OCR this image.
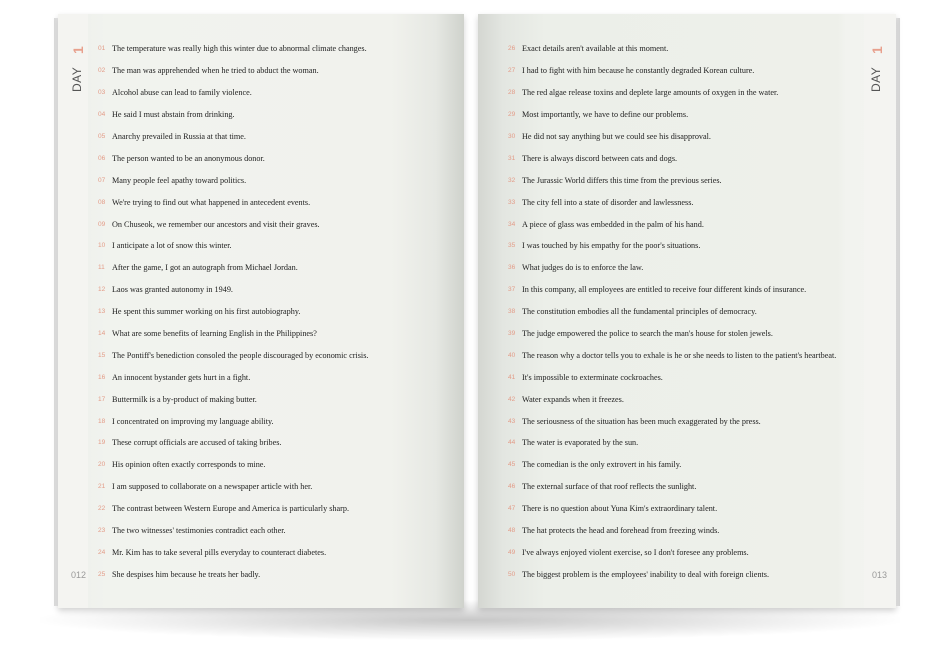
DAY
1 01 The temperature was really high this winter due to abnormal climate changes.
02 The man was apprehended when he tried to abduct the woman.
03 Alcohol abuse can lead to family violence.
04 He said I must abstain from drinking.
05 Anarchy prevailed in Russia at that time.
06 The person wanted to be an anonymous donor.
07 Many people feel apathy toward politics.
08 We're trying to find out what happened in antecedent events.
09 On Chuseok, we remember our ancestors and visit their graves.
10 I anticipate a lot of snow this winter.
11 After the game, I got an autograph from Michael Jordan.
12 Laos was granted autonomy in 1949.
13 He spent this summer working on his first autobiography.
14 What are some benefits of learning English in the Philippines?
15 The Pontiff's benediction consoled the people discouraged by economic crisis.
16 An innocent bystander gets hurt in a fight.
17 Buttermilk is a by-product of making butter.
18 I concentrated on improving my language ability.
19 These corrupt officials are accused of taking bribes.
20 His opinion often exactly corresponds to mine.
21 I am supposed to collaborate on a newspaper article with her.
22 The contrast between Western Europe and America is particularly sharp.
23 The two witnesses' testimonies contradict each other.
24 Mr. Kim has to take several pills everyday to counteract diabetes.
25 She despises him because he treats her badly.
012
26 Exact details aren't available at this moment.
27 I had to fight with him because he constantly degraded Korean culture.
28 The red algae release toxins and deplete large amounts of oxygen in the water.
29 Most importantly, we have to define our problems.
30 He did not say anything but we could see his disapproval.
31 There is always discord between cats and dogs.
32 The Jurassic World differs this time from the previous series.
33 The city fell into a state of disorder and lawlessness.
34 A piece of glass was embedded in the palm of his hand.
35 I was touched by his empathy for the poor's situations.
36 What judges do is to enforce the law.
37 In this company, all employees are entitled to receive four different kinds of insurance.
38 The constitution embodies all the fundamental principles of democracy.
39 The judge empowered the police to search the man's house for stolen jewels.
40 The reason why a doctor tells you to exhale is he or she needs to listen to the patient's heartbeat.
41 It's impossible to exterminate cockroaches.
42 Water expands when it freezes.
43 The seriousness of the situation has been much exaggerated by the press.
44 The water is evaporated by the sun.
45 The comedian is the only extrovert in his family.
46 The external surface of that roof reflects the sunlight.
47 There is no question about Yuna Kim's extraordinary talent.
48 The hat protects the head and forehead from freezing winds.
49 I've always enjoyed violent exercise, so I don't foresee any problems.
50 The biggest problem is the employees' inability to deal with foreign clients.
DAY
1
013
